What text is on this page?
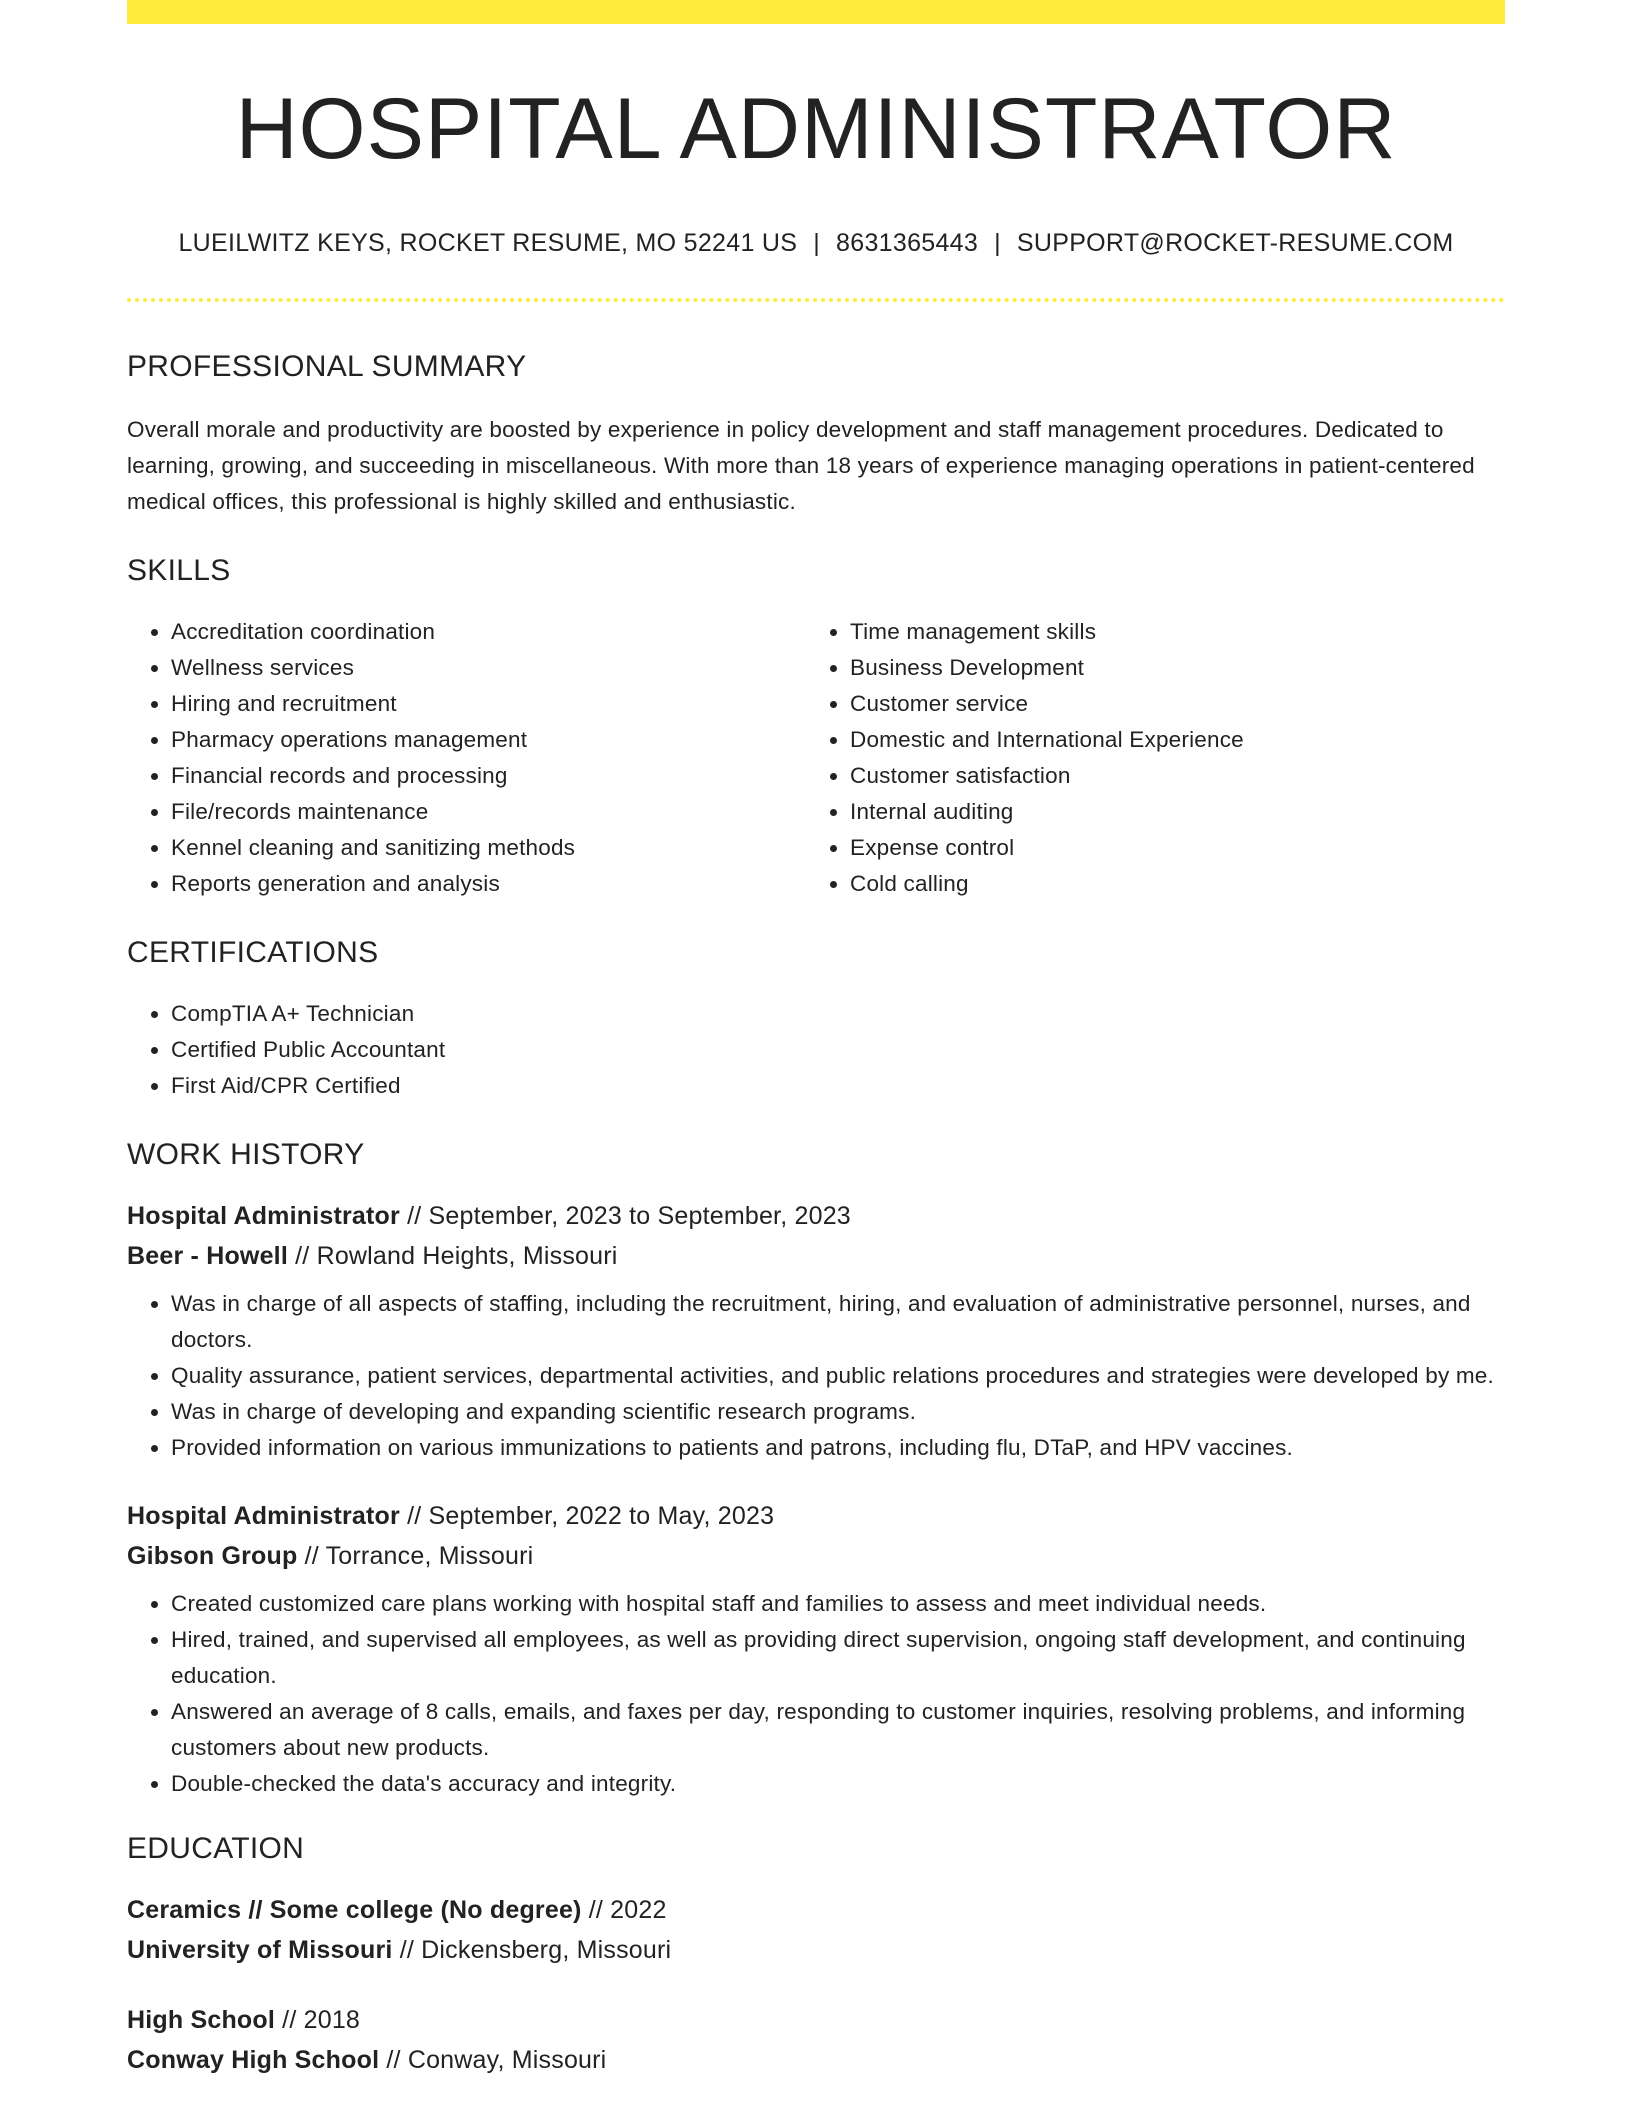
HOSPITAL ADMINISTRATOR
LUEILWITZ KEYS, ROCKET RESUME, MO 52241 US | 8631365443 | SUPPORT@ROCKET-RESUME.COM
PROFESSIONAL SUMMARY

Overall morale and productivity are boosted by experience in policy development and staff management procedures. Dedicated to learning, growing, and succeeding in miscellaneous. With more than 18 years of experience managing operations in patient-centered medical offices, this professional is highly skilled and enthusiastic.

SKILLS
• Accreditation coordination
• Wellness services
• Hiring and recruitment
• Pharmacy operations management
• Financial records and processing
• File/records maintenance
• Kennel cleaning and sanitizing methods
• Reports generation and analysis
• Time management skills
• Business Development
• Customer service
• Domestic and International Experience
• Customer satisfaction
• Internal auditing
• Expense control
• Cold calling
CERTIFICATIONS
• CompTIA A+ Technician
• Certified Public Accountant
• First Aid/CPR Certified
WORK HISTORY
Hospital Administrator // September, 2023 to September, 2023
Beer - Howell // Rowland Heights, Missouri
• Was in charge of all aspects of staffing, including the recruitment, hiring, and evaluation of administrative personnel, nurses, and doctors.
• Quality assurance, patient services, departmental activities, and public relations procedures and strategies were developed by me.
• Was in charge of developing and expanding scientific research programs.
• Provided information on various immunizations to patients and patrons, including flu, DTaP, and HPV vaccines.
Hospital Administrator // September, 2022 to May, 2023
Gibson Group // Torrance, Missouri
• Created customized care plans working with hospital staff and families to assess and meet individual needs.
• Hired, trained, and supervised all employees, as well as providing direct supervision, ongoing staff development, and continuing education.
• Answered an average of 8 calls, emails, and faxes per day, responding to customer inquiries, resolving problems, and informing customers about new products.
• Double-checked the data's accuracy and integrity.
EDUCATION
Ceramics // Some college (No degree) // 2022
University of Missouri // Dickensberg, Missouri
High School // 2018
Conway High School // Conway, Missouri
